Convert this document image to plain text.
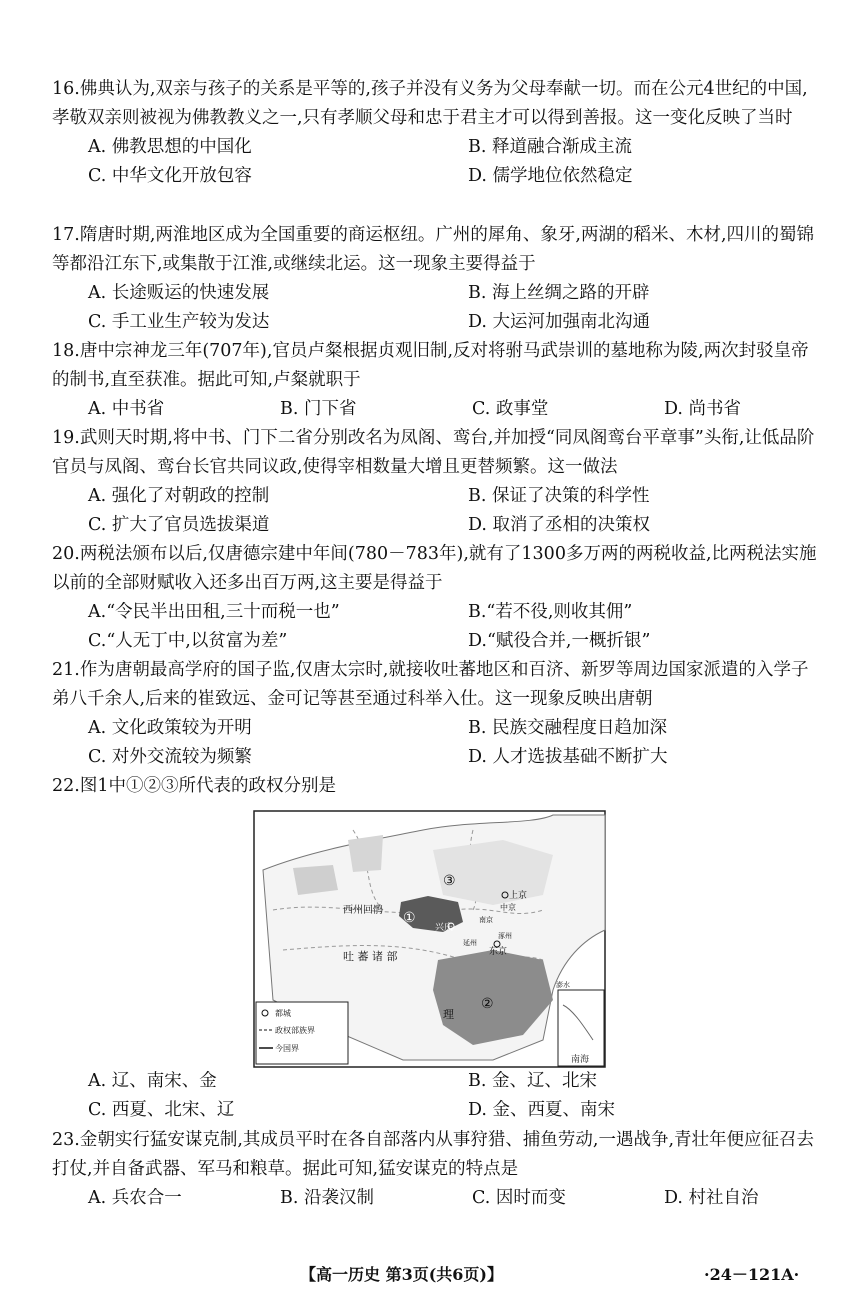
16.佛典认为,双亲与孩子的关系是平等的,孩子并没有义务为父母奉献一切。而在公元4世纪的中国,孝敬双亲则被视为佛教教义之一,只有孝顺父母和忠于君主才可以得到善报。这一变化反映了当时

A. 佛教思想的中国化	B. 释道融合渐成主流
C. 中华文化开放包容	D. 儒学地位依然稳定

17.隋唐时期,两淮地区成为全国重要的商运枢纽。广州的犀角、象牙,两湖的稻米、木材,四川的蜀锦等都沿江东下,或集散于江淮,或继续北运。这一现象主要得益于

A. 长途贩运的快速发展	B. 海上丝绸之路的开辟
C. 手工业生产较为发达	D. 大运河加强南北沟通

18.唐中宗神龙三年(707年),官员卢粲根据贞观旧制,反对将驸马武崇训的墓地称为陵,两次封驳皇帝的制书,直至获准。据此可知,卢粲就职于

A. 中书省	B. 门下省	C. 政事堂	D. 尚书省

19.武则天时期,将中书、门下二省分别改名为凤阁、鸾台,并加授“同凤阁鸾台平章事”头衔,让低品阶官员与凤阁、鸾台长官共同议政,使得宰相数量大增且更替频繁。这一做法

A. 强化了对朝政的控制	B. 保证了决策的科学性
C. 扩大了官员选拔渠道	D. 取消了丞相的决策权

20.两税法颁布以后,仅唐德宗建中年间(780－783年),就有了1300多万两的两税收益,比两税法实施以前的全部财赋收入还多出百万两,这主要是得益于

A.“令民半出田租,三十而税一也”	B.“若不役,则收其佣”
C.“人无丁中,以贫富为差”	D.“赋役合并,一概折银”

21.作为唐朝最高学府的国子监,仅唐太宗时,就接收吐蕃地区和百济、新罗等周边国家派遣的入学子弟八千余人,后来的崔致远、金可记等甚至通过科举入仕。这一现象反映出唐朝

A. 文化政策较为开明	B. 民族交融程度日趋加深
C. 对外交流较为频繁	D. 人才选拔基础不断扩大

22.图1中①②③所代表的政权分别是

澎水
南海
③
①
②
西州回鹘
吐 蕃 诸 部
理
上京
中京
南京
兴庆
延州
涿州
东京
都城
政权部族界
今国界
A. 辽、南宋、金	B. 金、辽、北宋
C. 西夏、北宋、辽	D. 金、西夏、南宋

23.金朝实行猛安谋克制,其成员平时在各自部落内从事狩猎、捕鱼劳动,一遇战争,青壮年便应征召去打仗,并自备武器、军马和粮草。据此可知,猛安谋克的特点是

A. 兵农合一	B. 沿袭汉制	C. 因时而变	D. 村社自治
【高一历史 第3页(共6页)】	·24－121A·
